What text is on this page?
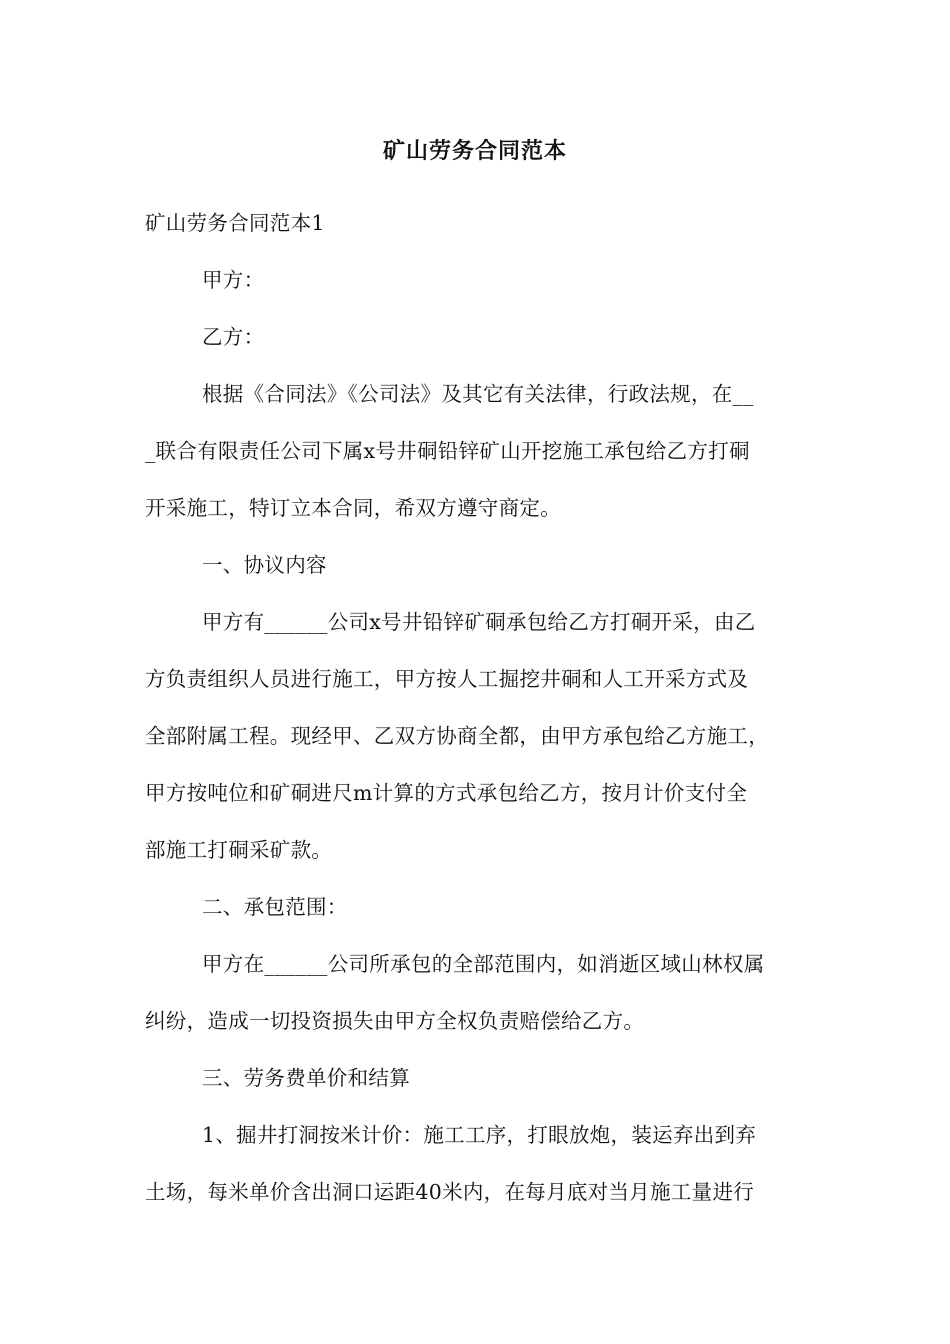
矿山劳务合同范本
矿山劳务合同范本1
甲方：
乙方：
根据《合同法》《公司法》及其它有关法律，行政法规，在__
_联合有限责任公司下属x号井硐铅锌矿山开挖施工承包给乙方打硐
开采施工，特订立本合同，希双方遵守商定。
一、协议内容
甲方有______公司x号井铅锌矿硐承包给乙方打硐开采，由乙
方负责组织人员进行施工，甲方按人工掘挖井硐和人工开采方式及
全部附属工程。现经甲、乙双方协商全都，由甲方承包给乙方施工，
甲方按吨位和矿硐进尺m计算的方式承包给乙方，按月计价支付全
部施工打硐采矿款。
二、承包范围：
甲方在______公司所承包的全部范围内，如消逝区域山林权属
纠纷，造成一切投资损失由甲方全权负责赔偿给乙方。
三、劳务费单价和结算
1、掘井打洞按米计价：施工工序，打眼放炮，装运弃出到弃
土场，每米单价含出洞口运距40米内，在每月底对当月施工量进行
